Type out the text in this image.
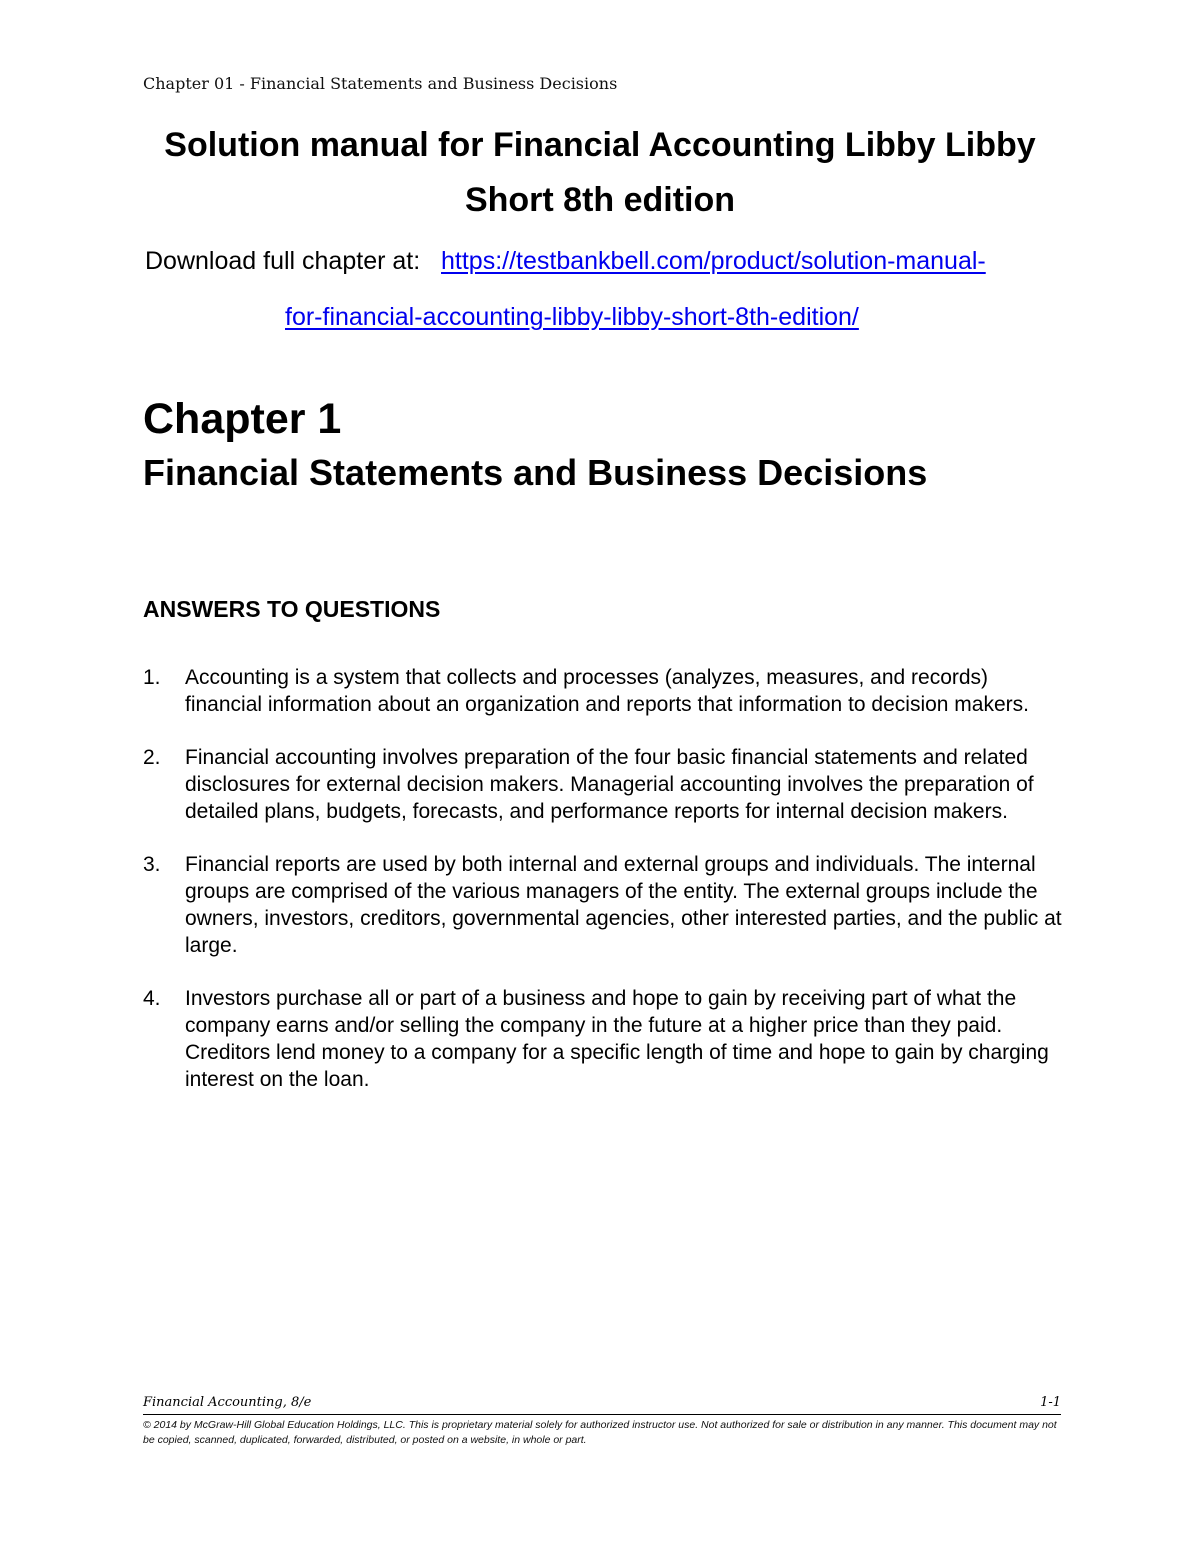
Chapter 01 - Financial Statements and Business Decisions
Solution manual for Financial Accounting Libby Libby
Short 8th edition
Download full chapter at: https://testbankbell.com/product/solution-manual-
for-financial-accounting-libby-libby-short-8th-edition/
Chapter 1
Financial Statements and Business Decisions
ANSWERS TO QUESTIONS
1. Accounting is a system that collects and processes (analyzes, measures, and records) financial information about an organization and reports that information to decision makers.
2. Financial accounting involves preparation of the four basic financial statements and related disclosures for external decision makers. Managerial accounting involves the preparation of detailed plans, budgets, forecasts, and performance reports for internal decision makers.
3. Financial reports are used by both internal and external groups and individuals. The internal groups are comprised of the various managers of the entity. The external groups include the owners, investors, creditors, governmental agencies, other interested parties, and the public at large.
4. Investors purchase all or part of a business and hope to gain by receiving part of what the company earns and/or selling the company in the future at a higher price than they paid. Creditors lend money to a company for a specific length of time and hope to gain by charging interest on the loan.
Financial Accounting, 8/e	1-1
© 2014 by McGraw-Hill Global Education Holdings, LLC. This is proprietary material solely for authorized instructor use. Not authorized for sale or distribution in any manner. This document may not be copied, scanned, duplicated, forwarded, distributed, or posted on a website, in whole or part.
